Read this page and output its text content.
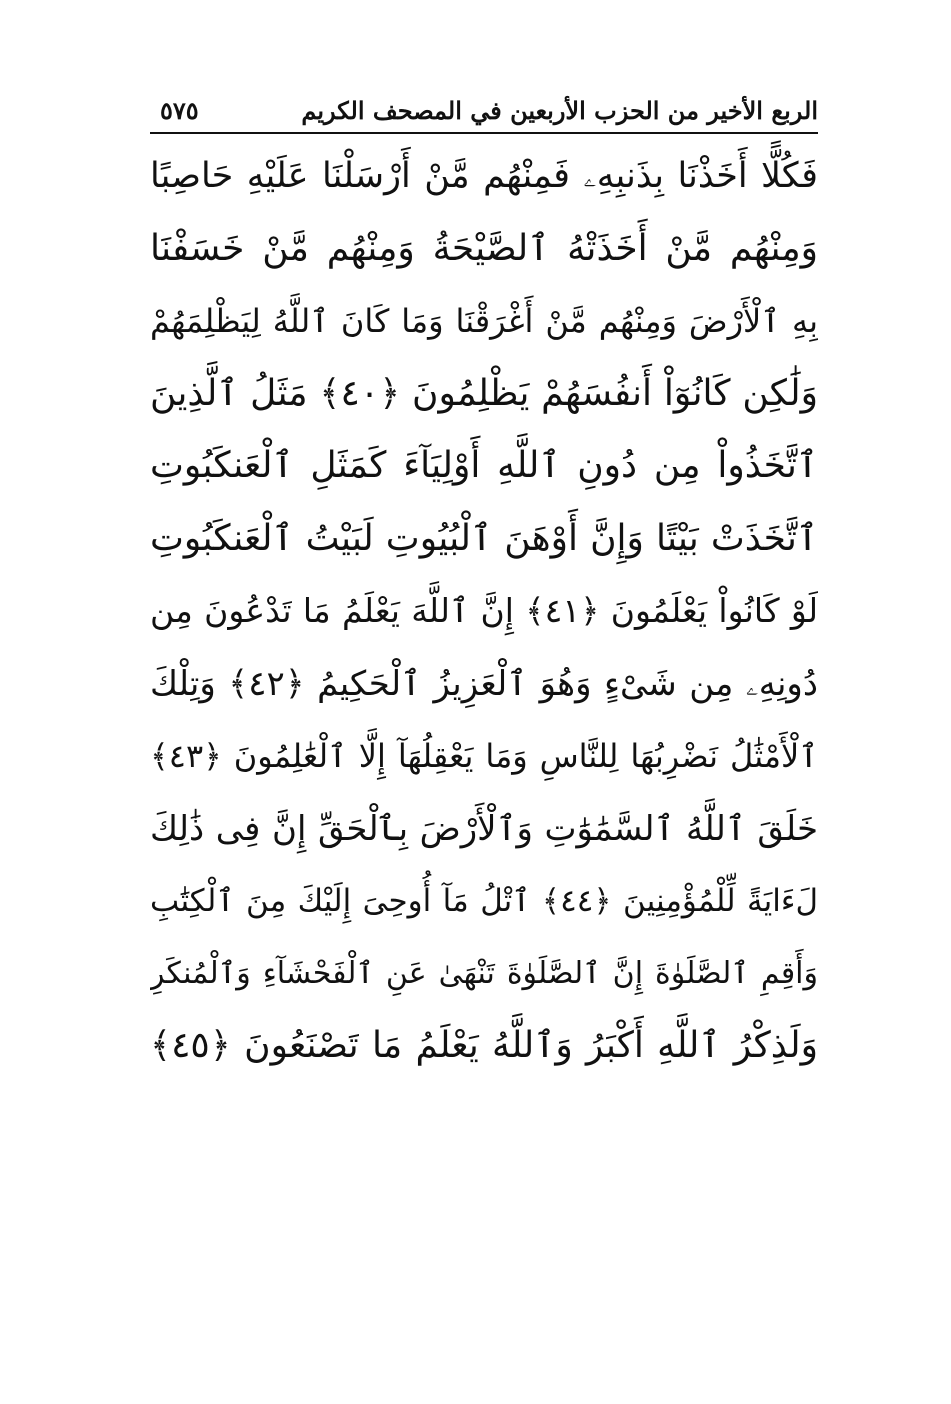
الربع الأخير من الحزب الأربعين في المصحف الكريم
٥٧٥
فَكُلًّا أَخَذْنَا بِذَنبِهِۦ فَمِنْهُم مَّنْ أَرْسَلْنَا عَلَيْهِ حَاصِبًا
وَمِنْهُم مَّنْ أَخَذَتْهُ ٱلصَّيْحَةُ وَمِنْهُم مَّنْ خَسَفْنَا
بِهِ ٱلْأَرْضَ وَمِنْهُم مَّنْ أَغْرَقْنَا وَمَا كَانَ ٱللَّهُ لِيَظْلِمَهُمْ
وَلَٰكِن كَانُوٓاْ أَنفُسَهُمْ يَظْلِمُونَ ﴿٤٠﴾ مَثَلُ ٱلَّذِينَ
ٱتَّخَذُواْ مِن دُونِ ٱللَّهِ أَوْلِيَآءَ كَمَثَلِ ٱلْعَنكَبُوتِ
ٱتَّخَذَتْ بَيْتًا وَإِنَّ أَوْهَنَ ٱلْبُيُوتِ لَبَيْتُ ٱلْعَنكَبُوتِ
لَوْ كَانُواْ يَعْلَمُونَ ﴿٤١﴾ إِنَّ ٱللَّهَ يَعْلَمُ مَا تَدْعُونَ مِن
دُونِهِۦ مِن شَىْءٍ وَهُوَ ٱلْعَزِيزُ ٱلْحَكِيمُ ﴿٤٢﴾ وَتِلْكَ
ٱلْأَمْثَٰلُ نَضْرِبُهَا لِلنَّاسِ وَمَا يَعْقِلُهَآ إِلَّا ٱلْعَٰلِمُونَ ﴿٤٣﴾
خَلَقَ ٱللَّهُ ٱلسَّمَٰوَٰتِ وَٱلْأَرْضَ بِٱلْحَقِّ إِنَّ فِى ذَٰلِكَ
لَءَايَةً لِّلْمُؤْمِنِينَ ﴿٤٤﴾ ٱتْلُ مَآ أُوحِىَ إِلَيْكَ مِنَ ٱلْكِتَٰبِ
وَأَقِمِ ٱلصَّلَوٰةَ إِنَّ ٱلصَّلَوٰةَ تَنْهَىٰ عَنِ ٱلْفَحْشَآءِ وَٱلْمُنكَرِ
وَلَذِكْرُ ٱللَّهِ أَكْبَرُ وَٱللَّهُ يَعْلَمُ مَا تَصْنَعُونَ ﴿٤٥﴾
